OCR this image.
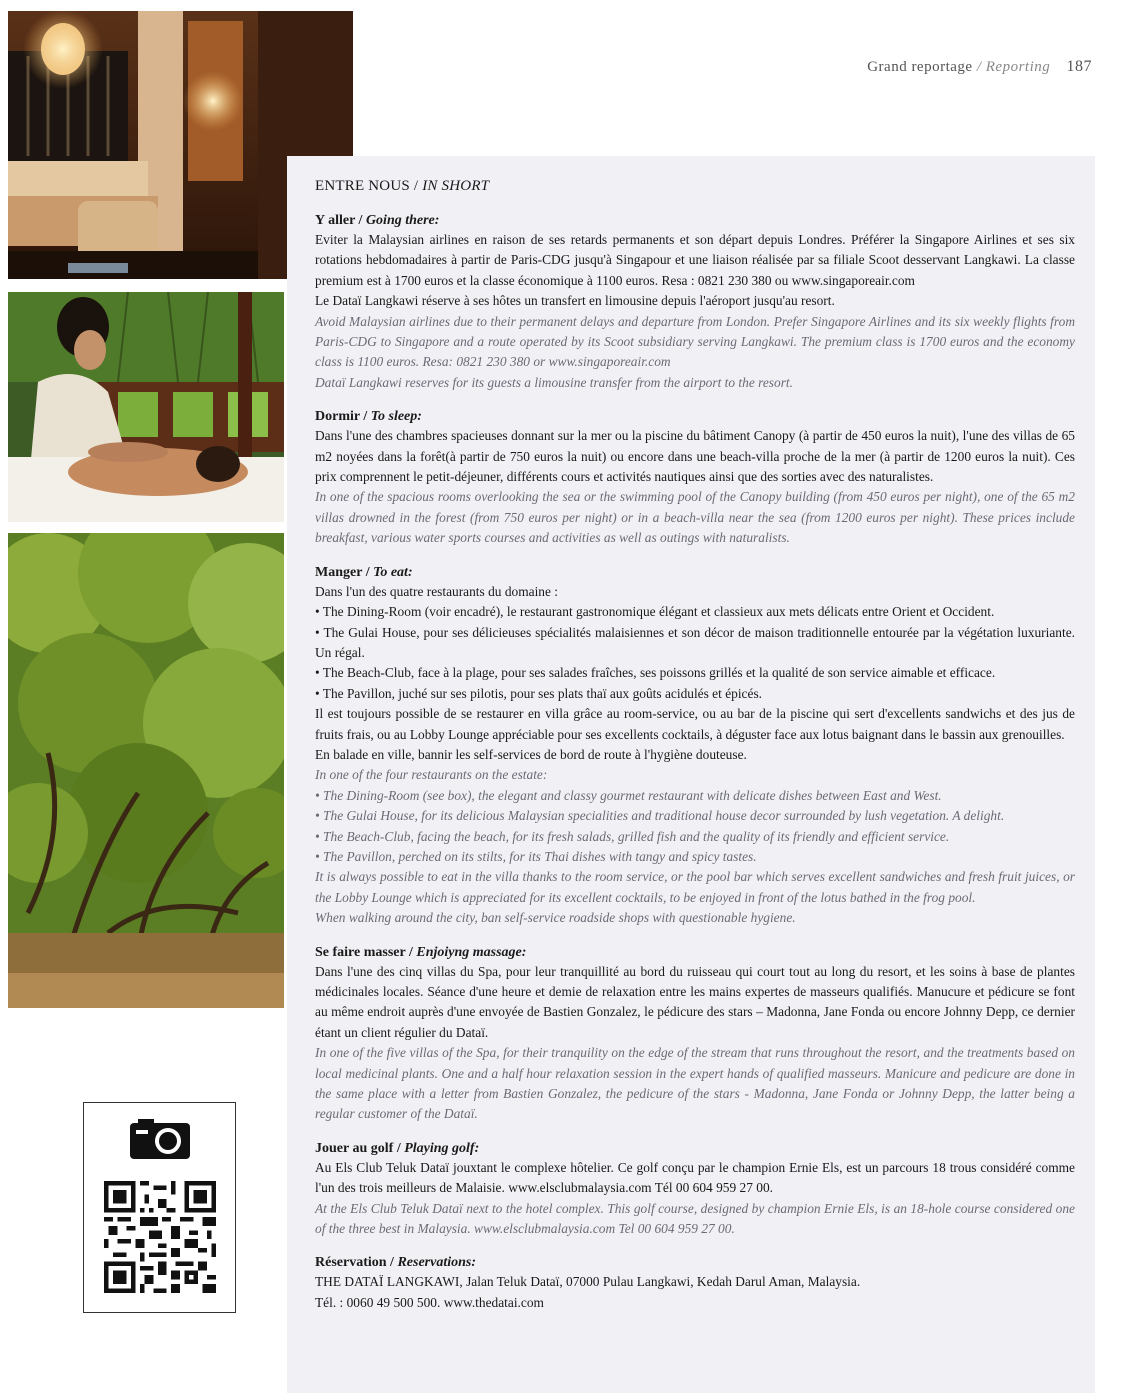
Grand reportage / Reporting 187
ENTRE NOUS / IN SHORT

Y aller / Going there:

Eviter la Malaysian airlines en raison de ses retards permanents et son départ depuis Londres. Préférer la Singapore Airlines et ses six rotations hebdomadaires à partir de Paris-CDG jusqu'à Singapour et une liaison réalisée par sa filiale Scoot desservant Langkawi. La classe premium est à 1700 euros et la classe économique à 1100 euros. Resa : 0821 230 380 ou www.singaporeair.com

Le Dataï Langkawi réserve à ses hôtes un transfert en limousine depuis l'aéroport jusqu'au resort.

Avoid Malaysian airlines due to their permanent delays and departure from London. Prefer Singapore Airlines and its six weekly flights from Paris-CDG to Singapore and a route operated by its Scoot subsidiary serving Langkawi. The premium class is 1700 euros and the economy class is 1100 euros. Resa: 0821 230 380 or www.singaporeair.com

Dataï Langkawi reserves for its guests a limousine transfer from the airport to the resort.

Dormir / To sleep:

Dans l'une des chambres spacieuses donnant sur la mer ou la piscine du bâtiment Canopy (à partir de 450 euros la nuit), l'une des villas de 65 m2 noyées dans la forêt(à partir de 750 euros la nuit) ou encore dans une beach-villa proche de la mer (à partir de 1200 euros la nuit). Ces prix comprennent le petit-déjeuner, différents cours et activités nautiques ainsi que des sorties avec des naturalistes.

In one of the spacious rooms overlooking the sea or the swimming pool of the Canopy building (from 450 euros per night), one of the 65 m2 villas drowned in the forest (from 750 euros per night) or in a beach-villa near the sea (from 1200 euros per night). These prices include breakfast, various water sports courses and activities as well as outings with naturalists.

Manger / To eat:

Dans l'un des quatre restaurants du domaine :

• The Dining-Room (voir encadré), le restaurant gastronomique élégant et classieux aux mets délicats entre Orient et Occident.
• The Gulai House, pour ses délicieuses spécialités malaisiennes et son décor de maison traditionnelle entourée par la végétation luxuriante. Un régal.
• The Beach-Club, face à la plage, pour ses salades fraîches, ses poissons grillés et la qualité de son service aimable et efficace.
• The Pavillon, juché sur ses pilotis, pour ses plats thaï aux goûts acidulés et épicés.

Il est toujours possible de se restaurer en villa grâce au room-service, ou au bar de la piscine qui sert d'excellents sandwichs et des jus de fruits frais, ou au Lobby Lounge appréciable pour ses excellents cocktails, à déguster face aux lotus baignant dans le bassin aux grenouilles.

En balade en ville, bannir les self-services de bord de route à l'hygiène douteuse.

In one of the four restaurants on the estate:

• The Dining-Room (see box), the elegant and classy gourmet restaurant with delicate dishes between East and West.
• The Gulai House, for its delicious Malaysian specialities and traditional house decor surrounded by lush vegetation. A delight.
• The Beach-Club, facing the beach, for its fresh salads, grilled fish and the quality of its friendly and efficient service.
• The Pavillon, perched on its stilts, for its Thai dishes with tangy and spicy tastes.

It is always possible to eat in the villa thanks to the room service, or the pool bar which serves excellent sandwiches and fresh fruit juices, or the Lobby Lounge which is appreciated for its excellent cocktails, to be enjoyed in front of the lotus bathed in the frog pool.

When walking around the city, ban self-service roadside shops with questionable hygiene.

Se faire masser / Enjoiyng massage:

Dans l'une des cinq villas du Spa, pour leur tranquillité au bord du ruisseau qui court tout au long du resort, et les soins à base de plantes médicinales locales. Séance d'une heure et demie de relaxation entre les mains expertes de masseurs qualifiés. Manucure et pédicure se font au même endroit auprès d'une envoyée de Bastien Gonzalez, le pédicure des stars – Madonna, Jane Fonda ou encore Johnny Depp, ce dernier étant un client régulier du Dataï.

In one of the five villas of the Spa, for their tranquility on the edge of the stream that runs throughout the resort, and the treatments based on local medicinal plants. One and a half hour relaxation session in the expert hands of qualified masseurs. Manicure and pedicure are done in the same place with a letter from Bastien Gonzalez, the pedicure of the stars - Madonna, Jane Fonda or Johnny Depp, the latter being a regular customer of the Dataï.

Jouer au golf / Playing golf:

Au Els Club Teluk Dataï jouxtant le complexe hôtelier. Ce golf conçu par le champion Ernie Els, est un parcours 18 trous considéré comme l'un des trois meilleurs de Malaisie. www.elsclubmalaysia.com Tél 00 604 959 27 00.

At the Els Club Teluk Dataï next to the hotel complex. This golf course, designed by champion Ernie Els, is an 18-hole course considered one of the three best in Malaysia. www.elsclubmalaysia.com Tel 00 604 959 27 00.

Réservation / Reservations:

THE DATAÏ LANGKAWI, Jalan Teluk Dataï, 07000 Pulau Langkawi, Kedah Darul Aman, Malaysia.

Tél. : 0060 49 500 500. www.thedatai.com
